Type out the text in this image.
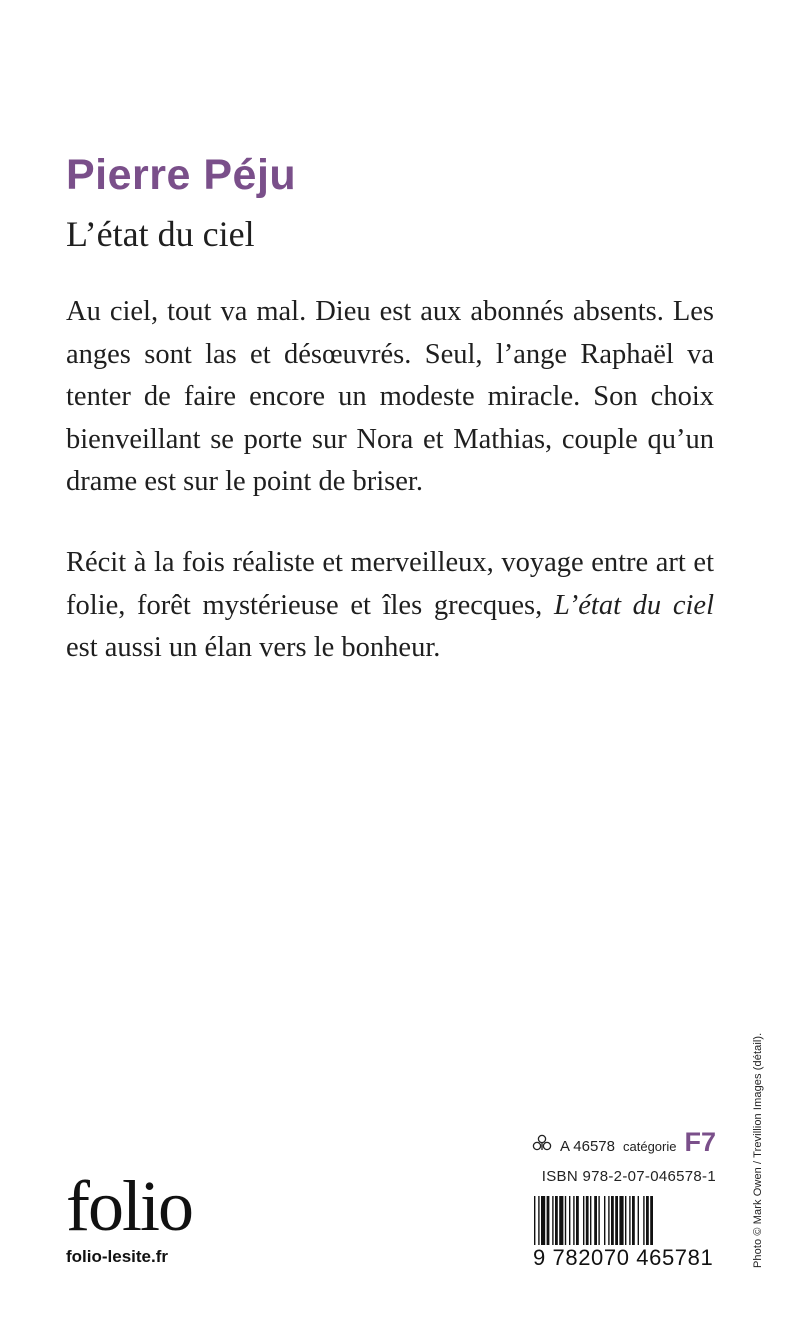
Pierre Péju
L’état du ciel

Au ciel, tout va mal. Dieu est aux abonnés absents. Les anges sont las et désœuvrés. Seul, l’ange Raphaël va tenter de faire encore un modeste miracle. Son choix bienveillant se porte sur Nora et Mathias, couple qu’un drame est sur le point de briser.

Récit à la fois réaliste et merveilleux, voyage entre art et folie, forêt mystérieuse et îles grecques, L’état du ciel est aussi un élan vers le bonheur.

folio
folio-lesite.fr
A 46578 catégorie F7
ISBN 978-2-07-046578-1
9 782070 465781	Photo © Mark Owen / Trevillion Images (détail).
